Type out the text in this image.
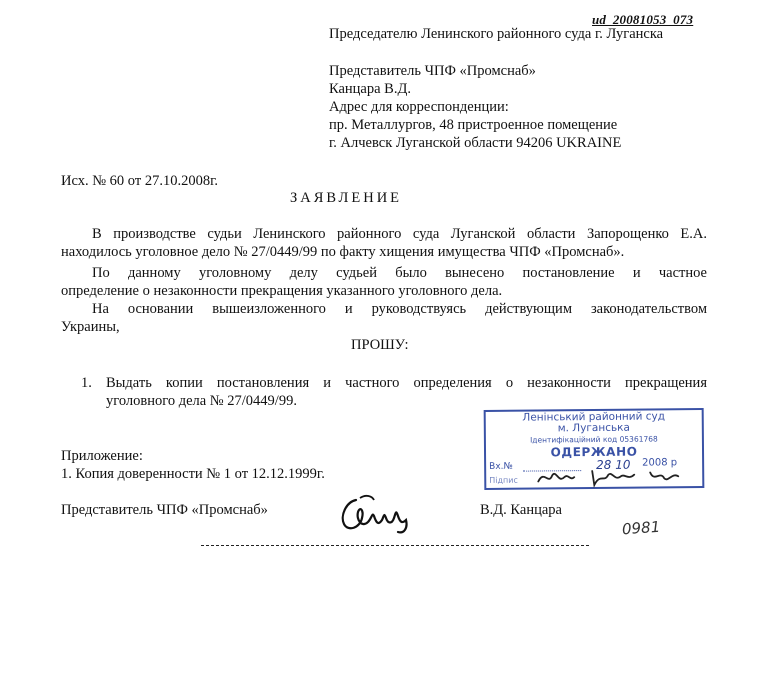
ud_20081053_073
Председателю Ленинского районного суда г. Луганска
Представитель ЧПФ «Промснаб»
Канцара В.Д.
Адрес для корреспонденции:
пр. Металлургов, 48 пристроенное помещение
г. Алчевск Луганской области 94206 UKRAINE
Исх. № 60 от 27.10.2008г.
ЗАЯВЛЕНИЕ
В производстве судьи Ленинского районного суда Луганской области Запорощенко Е.А.
находилось уголовное дело № 27/0449/99 по факту хищения имущества ЧПФ «Промснаб».
По данному уголовному делу судьей было вынесено постановление и частное
определение о незаконности прекращения указанного уголовного дела.
На основании вышеизложенного и руководствуясь действующим законодательством
Украины,
ПРОШУ:
1. Выдать копии постановления и частного определения о незаконности прекращения
уголовного дела № 27/0449/99.
Приложение:
1. Копия доверенности № 1 от 12.12.1999г.
Представитель ЧПФ «Промснаб»	В.Д. Канцара
Ленінський районний суд
м. Луганська
Ідентифікаційний код 05361768
ОДЕРЖАНО
Вх.№	28 10 2008 р
Підпис
0981
